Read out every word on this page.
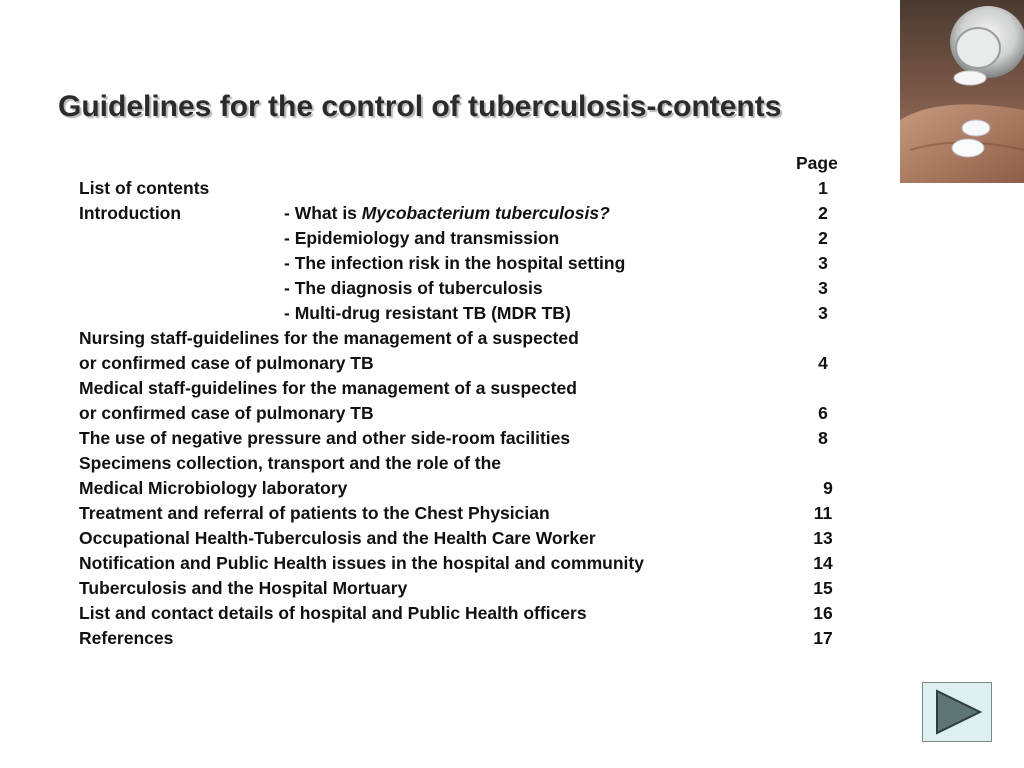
Guidelines for the control of tuberculosis-contents
Page
List of contents	1
Introduction	- What is Mycobacterium tuberculosis?	2
- Epidemiology and transmission	2
- The infection risk in the hospital setting	3
- The diagnosis of tuberculosis	3
- Multi-drug resistant TB (MDR TB)	3
Nursing staff-guidelines for the management of a suspected
or confirmed case of pulmonary TB	4
Medical staff-guidelines for the management of a suspected
or confirmed case of pulmonary TB	6
The use of negative pressure and other side-room facilities	8
Specimens collection, transport and the role of the
Medical Microbiology laboratory	9
Treatment and referral of patients to the Chest Physician	11
Occupational Health-Tuberculosis and the Health Care Worker	13
Notification and Public Health issues in the hospital and community	14
Tuberculosis and the Hospital Mortuary	15
List and contact details of hospital and Public Health officers	16
References	17
